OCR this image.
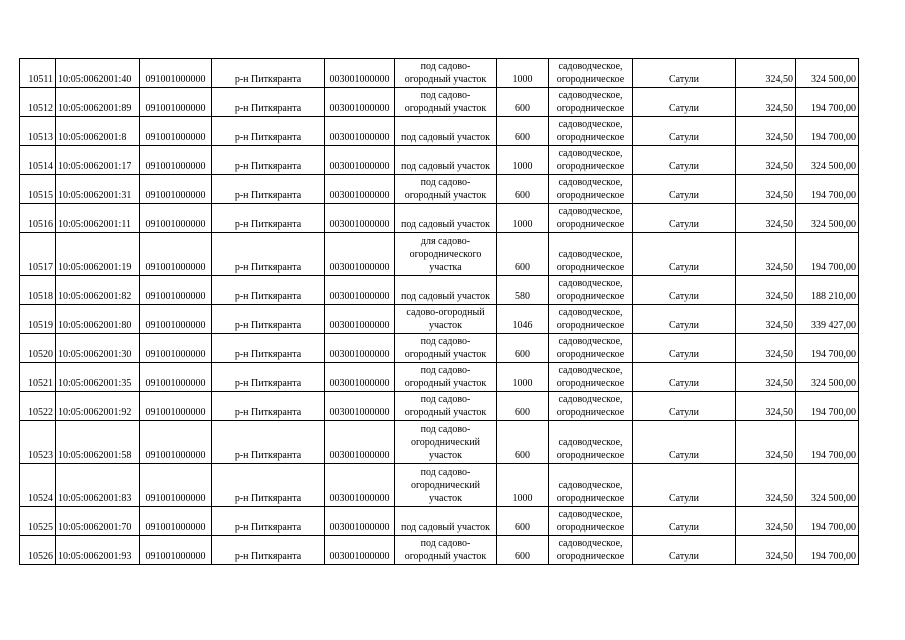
10511	10:05:0062001:40	091001000000	р-н Питкяранта	003001000000	под садово-
огородный участок	1000	садоводческое,
огородническое	Сатули	324,50	324 500,00
10512	10:05:0062001:89	091001000000	р-н Питкяранта	003001000000	под садово-
огородный участок	600	садоводческое,
огородническое	Сатули	324,50	194 700,00
10513	10:05:0062001:8	091001000000	р-н Питкяранта	003001000000	под садовый участок	600	садоводческое,
огородническое	Сатули	324,50	194 700,00
10514	10:05:0062001:17	091001000000	р-н Питкяранта	003001000000	под садовый участок	1000	садоводческое,
огородническое	Сатули	324,50	324 500,00
10515	10:05:0062001:31	091001000000	р-н Питкяранта	003001000000	под садово-
огородный участок	600	садоводческое,
огородническое	Сатули	324,50	194 700,00
10516	10:05:0062001:11	091001000000	р-н Питкяранта	003001000000	под садовый участок	1000	садоводческое,
огородническое	Сатули	324,50	324 500,00
10517	10:05:0062001:19	091001000000	р-н Питкяранта	003001000000	для садово-
огороднического
участка	600	садоводческое,
огородническое	Сатули	324,50	194 700,00
10518	10:05:0062001:82	091001000000	р-н Питкяранта	003001000000	под садовый участок	580	садоводческое,
огородническое	Сатули	324,50	188 210,00
10519	10:05:0062001:80	091001000000	р-н Питкяранта	003001000000	садово-огородный
участок	1046	садоводческое,
огородническое	Сатули	324,50	339 427,00
10520	10:05:0062001:30	091001000000	р-н Питкяранта	003001000000	под садово-
огородный участок	600	садоводческое,
огородническое	Сатули	324,50	194 700,00
10521	10:05:0062001:35	091001000000	р-н Питкяранта	003001000000	под садово-
огородный участок	1000	садоводческое,
огородническое	Сатули	324,50	324 500,00
10522	10:05:0062001:92	091001000000	р-н Питкяранта	003001000000	под садово-
огородный участок	600	садоводческое,
огородническое	Сатули	324,50	194 700,00
10523	10:05:0062001:58	091001000000	р-н Питкяранта	003001000000	под садово-
огороднический
участок	600	садоводческое,
огородническое	Сатули	324,50	194 700,00
10524	10:05:0062001:83	091001000000	р-н Питкяранта	003001000000	под садово-
огороднический
участок	1000	садоводческое,
огородническое	Сатули	324,50	324 500,00
10525	10:05:0062001:70	091001000000	р-н Питкяранта	003001000000	под садовый участок	600	садоводческое,
огородническое	Сатули	324,50	194 700,00
10526	10:05:0062001:93	091001000000	р-н Питкяранта	003001000000	под садово-
огородный участок	600	садоводческое,
огородническое	Сатули	324,50	194 700,00
